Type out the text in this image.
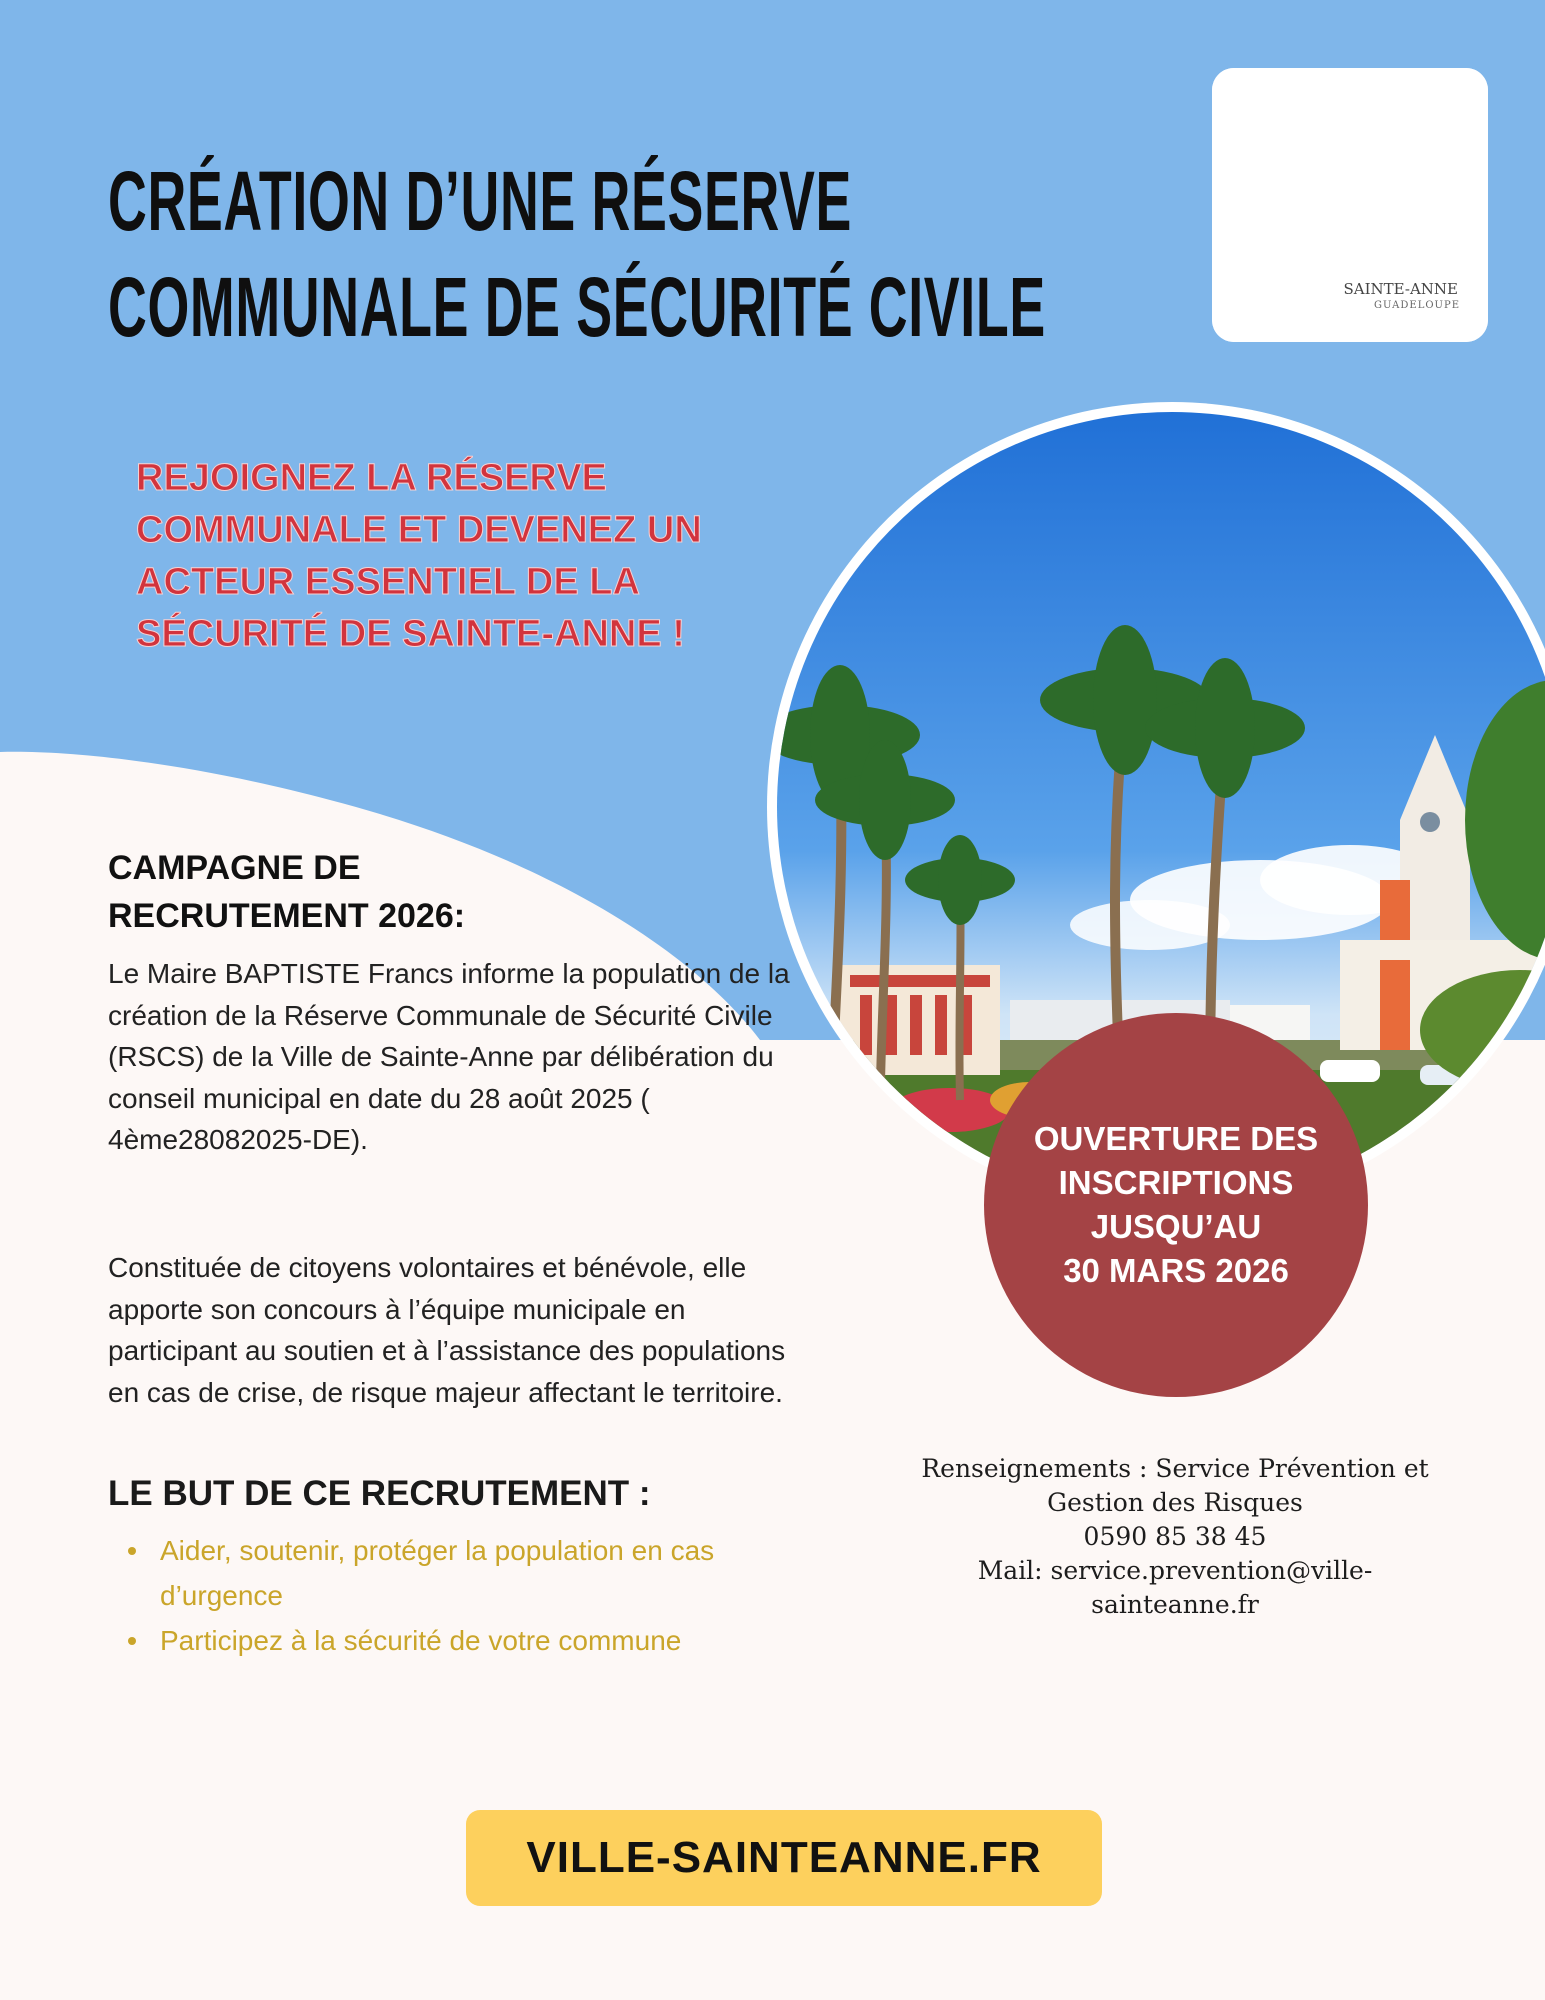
CRÉATION D’UNE RÉSERVE
COMMUNALE DE SÉCURITÉ CIVILE	SAINTE-ANNE
GUADELOUPE
REJOIGNEZ LA RÉSERVE COMMUNALE ET DEVENEZ UN ACTEUR ESSENTIEL DE LA SÉCURITÉ DE SAINTE-ANNE !
CAMPAGNE DE RECRUTEMENT 2026:

Le Maire BAPTISTE Francs informe la population de la création de la Réserve Communale de Sécurité Civile (RSCS) de la Ville de Sainte-Anne par délibération du conseil municipal en date du 28 août 2025 ( 4ème28082025-DE).

Constituée de citoyens volontaires et bénévole, elle apporte son concours à l’équipe municipale en participant au soutien et à l’assistance des populations en cas de crise, de risque majeur affectant le territoire.

LE BUT DE CE RECRUTEMENT :
Aider, soutenir, protéger la population en cas d’urgence
Participez à la sécurité de votre commune
OUVERTURE DES
INSCRIPTIONS
JUSQU’AU
30 MARS 2026
Renseignements : Service Prévention et
Gestion des Risques
0590 85 38 45
Mail: service.prevention@ville-
sainteanne.fr
VILLE-SAINTEANNE.FR
